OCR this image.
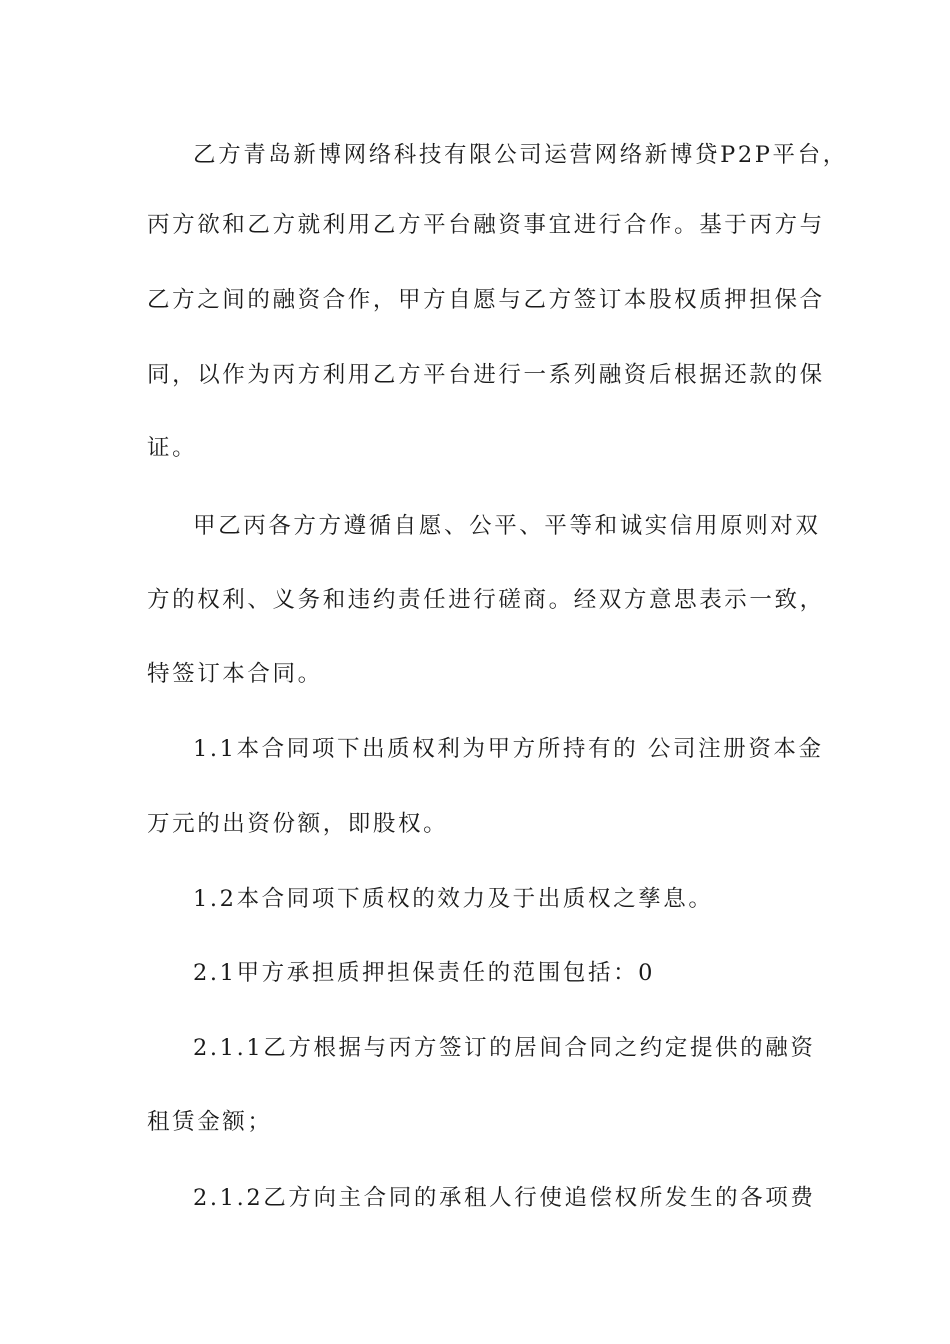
乙方青岛新博网络科技有限公司运营网络新博贷P2P平台，
丙方欲和乙方就利用乙方平台融资事宜进行合作。基于丙方与
乙方之间的融资合作，甲方自愿与乙方签订本股权质押担保合
同，以作为丙方利用乙方平台进行一系列融资后根据还款的保
证。
甲乙丙各方方遵循自愿、公平、平等和诚实信用原则对双
方的权利、义务和违约责任进行磋商。经双方意思表示一致，
特签订本合同。
1.1本合同项下出质权利为甲方所持有的 公司注册资本金
万元的出资份额，即股权。
1.2本合同项下质权的效力及于出质权之孳息。
2.1甲方承担质押担保责任的范围包括：0
2.1.1乙方根据与丙方签订的居间合同之约定提供的融资
租赁金额；
2.1.2乙方向主合同的承租人行使追偿权所发生的各项费
